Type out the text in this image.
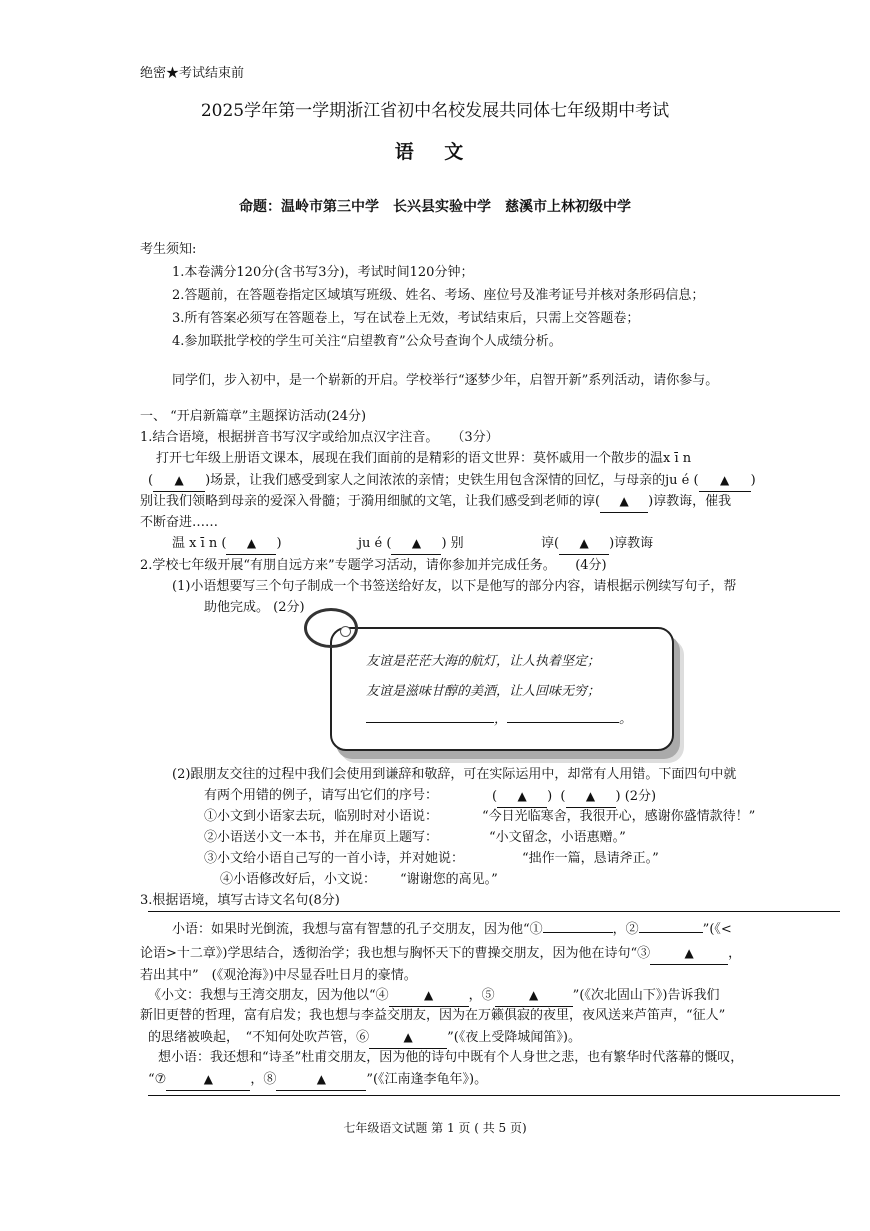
绝密★考试结束前
2025学年第一学期浙江省初中名校发展共同体七年级期中考试
语 文
命题：温岭市第三中学　长兴县实验中学　慈溪市上林初级中学
考生须知:
1.本卷满分120分(含书写3分)，考试时间120分钟；
2.答题前，在答题卷指定区域填写班级、姓名、考场、座位号及准考证号并核对条形码信息；
3.所有答案必须写在答题卷上，写在试卷上无效，考试结束后，只需上交答题卷；
4.参加联批学校的学生可关注“启望教育”公众号查询个人成绩分析。
同学们，步入初中，是一个崭新的开启。学校举行“逐梦少年，启智开新”系列活动，请你参与。
一、 “开启新篇章”主题探访活动(24分)
1.结合语境，根据拼音书写汉字或给加点汉字注音。　　（3分）
打开七年级上册语文课本，展现在我们面前的是精彩的语文世界：莫怀戚用一个散步的温x ī n
( ▲ )场景，让我们感受到家人之间浓浓的亲情；史铁生用包含深情的回忆，与母亲的ju é ( ▲ )
别让我们领略到母亲的爱深入骨髓；于漪用细腻的文笔，让我们感受到老师的谆( ▲ )谆教诲，催我
不断奋进……
温 x ī n ( ▲ )	ju é ( ▲ ) 别	谆( ▲ )谆教诲
2.学校七年级开展“有朋自远方来”专题学习活动，请你参加并完成任务。　　(4分)
(1)小语想要写三个句子制成一个书签送给好友，以下是他写的部分内容，请根据示例续写句子，帮
助他完成。 (2分)
友谊是茫茫大海的航灯，让人执着坚定；
友谊是滋味甘醇的美酒，让人回味无穷；
，	。
(2)跟朋友交往的过程中我们会使用到谦辞和敬辞，可在实际运用中，却常有人用错。下面四句中就
有两个用错的例子，请写出它们的序号：	( ▲ )  ( ▲ ) (2分)
①小文到小语家去玩，临别时对小语说：	“今日光临寒舍，我很开心，感谢你盛情款待！”
②小语送小文一本书，并在扉页上题写：	“小文留念，小语惠赠。”
③小文给小语自己写的一首小诗，并对她说：	“拙作一篇，恳请斧正。”
④小语修改好后，小文说： “谢谢您的高见。”
3.根据语境，填写古诗文名句(8分)
小语：如果时光倒流，我想与富有智慧的孔子交朋友，因为他“①	，②	”(《<
论语>十二章》)学思结合，透彻治学；我也想与胸怀天下的曹操交朋友，因为他在诗句“③	▲	，
若出其中”　(《观沧海》)中尽显吞吐日月的豪情。
《小文：我想与王湾交朋友，因为他以“④	▲	，⑤	▲	”(《次北固山下》)告诉我们
新旧更替的哲理，富有启发；我也想与李益交朋友，因为在万籁俱寂的夜里，夜风送来芦笛声，“征人”
的思绪被唤起，　“不知何处吹芦管，⑥	▲	”(《夜上受降城闻笛》)。
想小语：我还想和“诗圣”杜甫交朋友，因为他的诗句中既有个人身世之悲，也有繁华时代落幕的慨叹，
“⑦	▲	，⑧	▲	”(《江南逢李龟年》)。
七年级语文试题 第 1 页 ( 共 5 页)
